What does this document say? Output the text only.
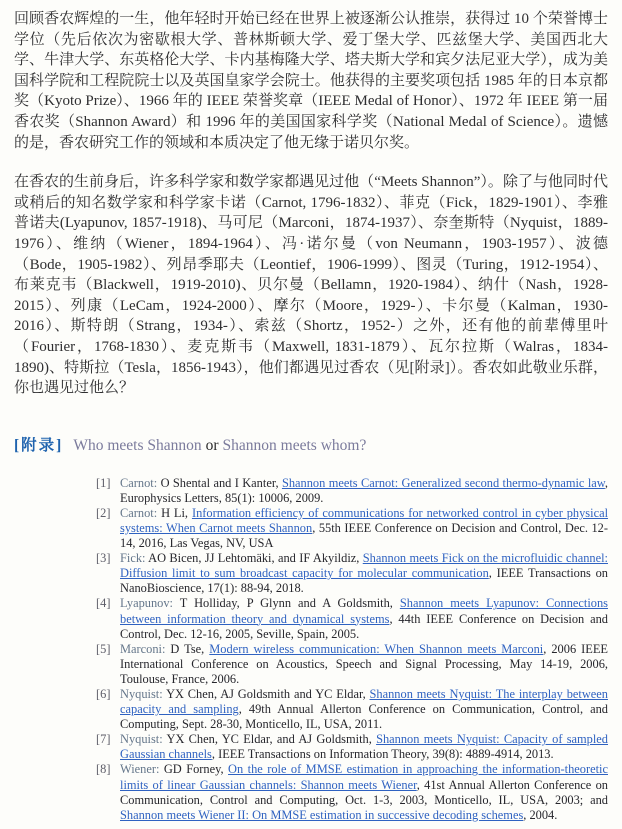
回顾香农辉煌的一生，他年轻时开始已经在世界上被逐渐公认推崇，获得过 10 个荣誉博士学位（先后依次为密歇根大学、普林斯顿大学、爱丁堡大学、匹兹堡大学、美国西北大学、牛津大学、东英格伦大学、卡内基梅隆大学、塔夫斯大学和宾夕法尼亚大学），成为美国科学院和工程院院士以及英国皇家学会院士。他获得的主要奖项包括 1985 年的日本京都奖（Kyoto Prize）、1966 年的 IEEE 荣誉奖章（IEEE Medal of Honor）、1972 年 IEEE 第一届香农奖（Shannon Award）和 1996 年的美国国家科学奖（National Medal of Science）。遗憾的是，香农研究工作的领域和本质决定了他无缘于诺贝尔奖。

在香农的生前身后，许多科学家和数学家都遇见过他（“Meets Shannon”）。除了与他同时代或稍后的知名数学家和科学家卡诺（Carnot, 1796-1832）、菲克（Fick，1829-1901）、李雅普诺夫(Lyapunov, 1857-1918)、马可尼（Marconi，1874-1937）、奈奎斯特（Nyquist，1889-1976）、维纳（Wiener，1894-1964）、冯·诺尔曼（von Neumann，1903-1957）、波德（Bode，1905-1982）、列昂季耶夫（Leontief，1906-1999）、图灵（Turing，1912-1954）、布莱克韦（Blackwell，1919-2010)、贝尔曼（Bellamn，1920-1984）、纳什（Nash，1928-2015）、列康（LeCam，1924-2000）、摩尔（Moore，1929-）、卡尔曼（Kalman，1930-2016）、斯特朗（Strang，1934-）、索兹（Shortz，1952-）之外，还有他的前辈傅里叶（Fourier，1768-1830）、麦克斯韦（Maxwell, 1831-1879）、瓦尔拉斯（Walras，1834-1890)、特斯拉（Tesla，1856-1943），他们都遇见过香农（见[附录]）。香农如此敬业乐群，你也遇见过他么？

[附录] Who meets Shannon or Shannon meets whom?
[1] Carnot: O Shental and I Kanter, Shannon meets Carnot: Generalized second thermo-dynamic law, Europhysics Letters, 85(1): 10006, 2009.
[2] Carnot: H Li, Information efficiency of communications for networked control in cyber physical systems: When Carnot meets Shannon, 55th IEEE Conference on Decision and Control, Dec. 12-14, 2016, Las Vegas, NV, USA
[3] Fick: AO Bicen, JJ Lehtomäki, and IF Akyildiz, Shannon meets Fick on the microfluidic channel: Diffusion limit to sum broadcast capacity for molecular communication, IEEE Transactions on NanoBioscience, 17(1): 88-94, 2018.
[4] Lyapunov: T Holliday, P Glynn and A Goldsmith, Shannon meets Lyapunov: Connections between information theory and dynamical systems, 44th IEEE Conference on Decision and Control, Dec. 12-16, 2005, Seville, Spain, 2005.
[5] Marconi: D Tse, Modern wireless communication: When Shannon meets Marconi, 2006 IEEE International Conference on Acoustics, Speech and Signal Processing, May 14-19, 2006, Toulouse, France, 2006.
[6] Nyquist: YX Chen, AJ Goldsmith and YC Eldar, Shannon meets Nyquist: The interplay between capacity and sampling, 49th Annual Allerton Conference on Communication, Control, and Computing, Sept. 28-30, Monticello, IL, USA, 2011.
[7] Nyquist: YX Chen, YC Eldar, and AJ Goldsmith, Shannon meets Nyquist: Capacity of sampled Gaussian channels, IEEE Transactions on Information Theory, 39(8): 4889-4914, 2013.
[8] Wiener: GD Forney, On the role of MMSE estimation in approaching the information-theoretic limits of linear Gaussian channels: Shannon meets Wiener, 41st Annual Allerton Conference on Communication, Control and Computing, Oct. 1-3, 2003, Monticello, IL, USA, 2003; and Shannon meets Wiener II: On MMSE estimation in successive decoding schemes, 2004.
